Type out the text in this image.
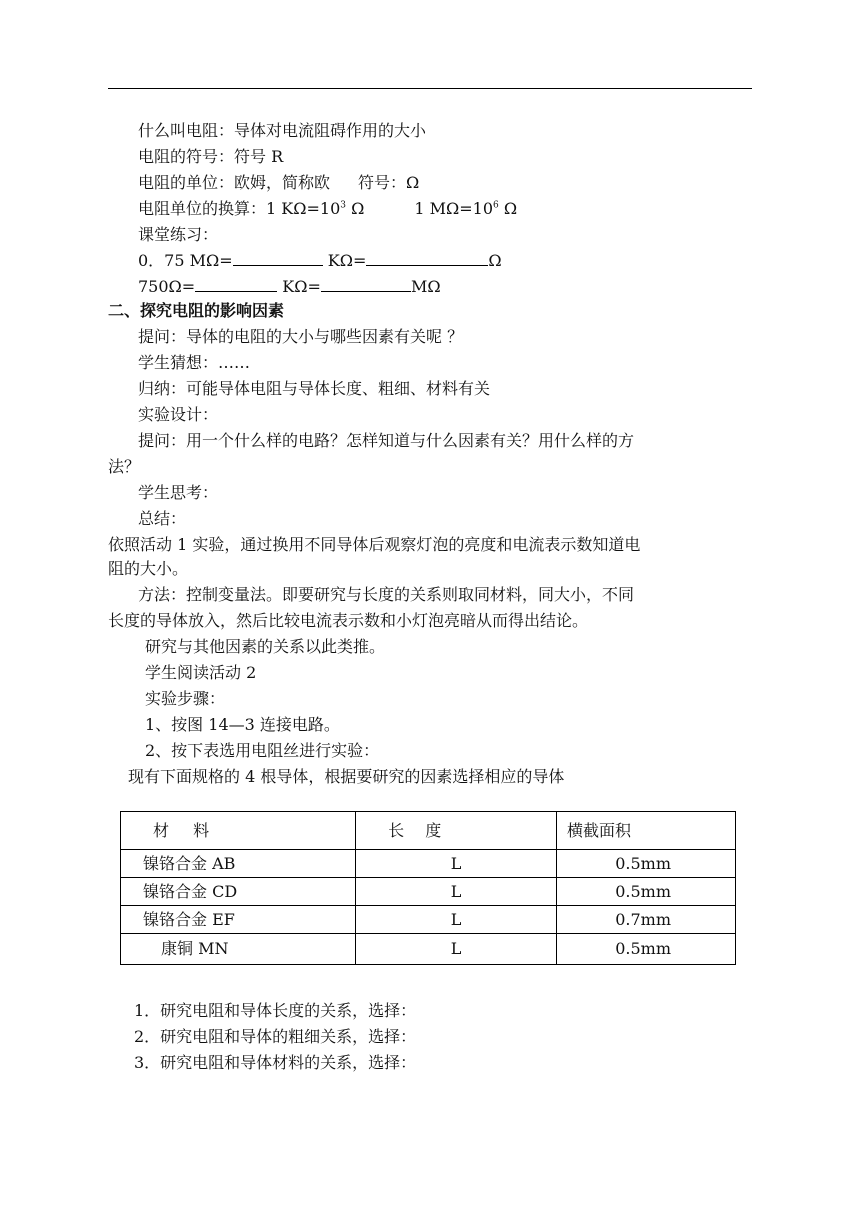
什么叫电阻：导体对电流阻碍作用的大小
电阻的符号：符号 R
电阻的单位：欧姆，简称欧 符号：Ω
电阻单位的换算：1 $K\Omega=10^3$ Ω	1 $M\Omega=10^6$ Ω
课堂练习：
0．75 MΩ=	KΩ=	Ω
750Ω=	KΩ=	MΩ
二、探究电阻的影响因素
提问：导体的电阻的大小与哪些因素有关呢 ？
学生猜想：……
归纳：可能导体电阻与导体长度、粗细、材料有关
实验设计：
提问：用一个什么样的电路？怎样知道与什么因素有关？用什么样的方
法？
学生思考：
总结：
依照活动 1 实验，通过换用不同导体后观察灯泡的亮度和电流表示数知道电
阻的大小。
方法：控制变量法。即要研究与长度的关系则取同材料，同大小，不同
长度的导体放入，然后比较电流表示数和小灯泡亮暗从而得出结论。
研究与其他因素的关系以此类推。
学生阅读活动 2
实验步骤：
1、按图 14—3 连接电路。
2、按下表选用电阻丝进行实验：
现有下面规格的 4 根导体，根据要研究的因素选择相应的导体
材　 料	长　 度	横截面积
镍铬合金 AB	L	0.5mm
镍铬合金 CD	L	0.5mm
镍铬合金 EF	L	0.7mm
康铜 MN	L	0.5mm
1．研究电阻和导体长度的关系，选择：
2．研究电阻和导体的粗细关系，选择：
3．研究电阻和导体材料的关系，选择：
